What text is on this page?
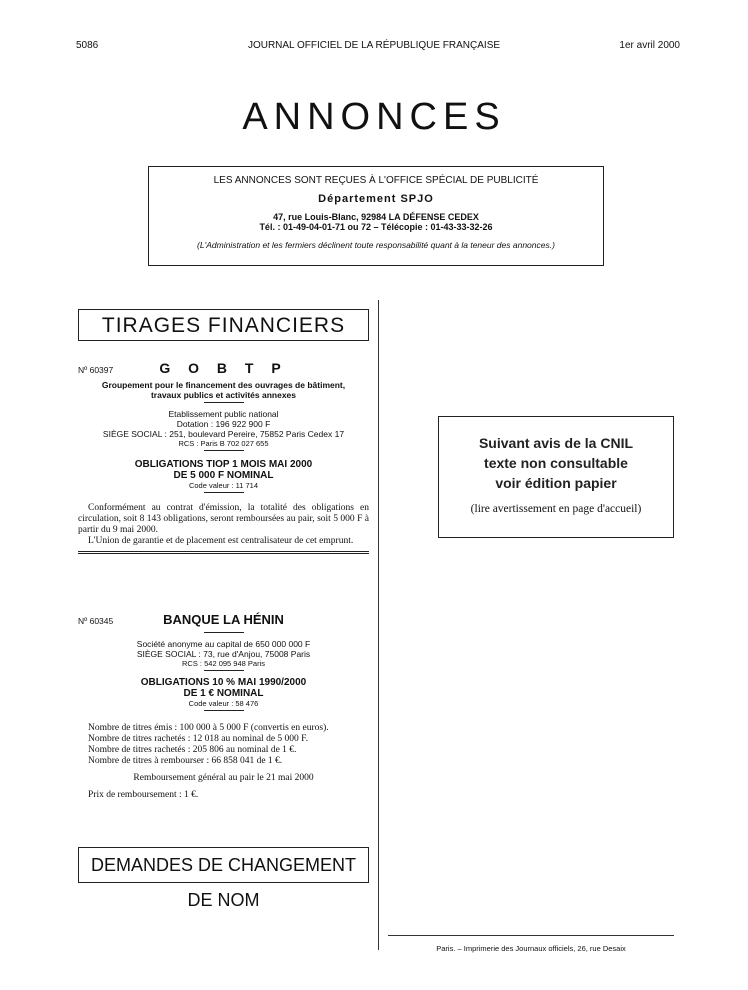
5086	JOURNAL OFFICIEL DE LA RÉPUBLIQUE FRANÇAISE	1er avril 2000
ANNONCES
LES ANNONCES SONT REÇUES À L'OFFICE SPÉCIAL DE PUBLICITÉ
Département SPJO
47, rue Louis-Blanc, 92984 LA DÉFENSE CEDEX
Tél. : 01-49-04-01-71 ou 72 – Télécopie : 01-43-33-32-26
(L'Administration et les fermiers déclinent toute responsabilité quant à la teneur des annonces.)
TIRAGES FINANCIERS
Nº 60397	G O B T P
Groupement pour le financement des ouvrages de bâtiment,
travaux publics et activités annexes
Etablissement public national
Dotation : 196 922 900 F
SIÈGE SOCIAL : 251, boulevard Pereire, 75852 Paris Cedex 17
RCS : Paris B 702 027 655
OBLIGATIONS TIOP 1 MOIS MAI 2000
DE 5 000 F NOMINAL
Code valeur : 11 714
Conformément au contrat d'émission, la totalité des obligations en circulation, soit 8 143 obligations, seront remboursées au pair, soit 5 000 F à partir du 9 mai 2000.
L'Union de garantie et de placement est centralisateur de cet emprunt.
Nº 60345	BANQUE LA HÉNIN
Société anonyme au capital de 650 000 000 F
SIÈGE SOCIAL : 73, rue d'Anjou, 75008 Paris
RCS : 542 095 948 Paris
OBLIGATIONS 10 % MAI 1990/2000
DE 1 € NOMINAL
Code valeur : 58 476
Nombre de titres émis : 100 000 à 5 000 F (convertis en euros).
Nombre de titres rachetés : 12 018 au nominal de 5 000 F.
Nombre de titres rachetés : 205 806 au nominal de 1 €.
Nombre de titres à rembourser : 66 858 041 de 1 €.
Remboursement général au pair le 21 mai 2000
Prix de remboursement : 1 €.
DEMANDES DE CHANGEMENT DE NOM
Suivant avis de la CNIL
texte non consultable
voir édition papier
(lire avertissement en page d'accueil)
Paris. – Imprimerie des Journaux officiels, 26, rue Desaix
